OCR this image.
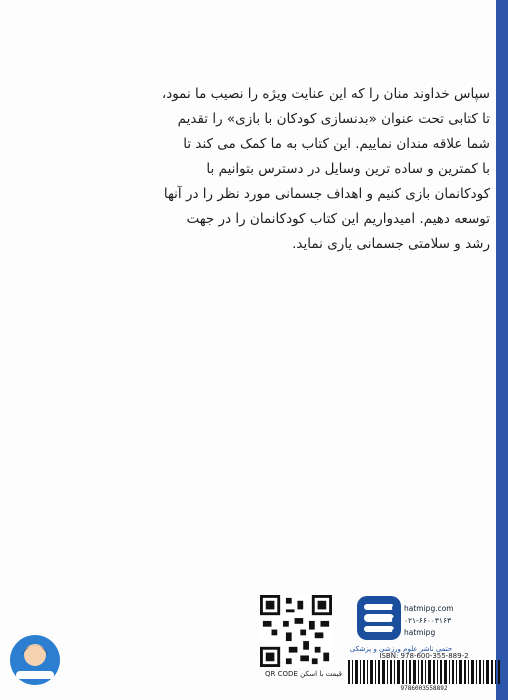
سپاس خداوند منان را که این عنایت ویژه را نصیب ما نمود،

تا کتابی تحت عنوان «بدنسازی کودکان با بازی» را تقدیم

شما علاقه مندان نماییم. این کتاب به ما کمک می کند تا

با کمترین و ساده ترین وسایل در دسترس بتوانیم با

کودکانمان بازی کنیم و اهداف جسمانی مورد نظر را در آنها

توسعه دهیم. امیدواریم این کتاب کودکانمان را در جهت

رشد و سلامتی جسمانی یاری نماید.

قیمت با اسکن QR CODE
hatmipg.com
۰۲۱-۶۶۰۰۳۱۶۳
hatmipg
حتمی ناشر علوم ورزشی و پزشکی
ISBN: 978-600-355-889-2
9786003558892
